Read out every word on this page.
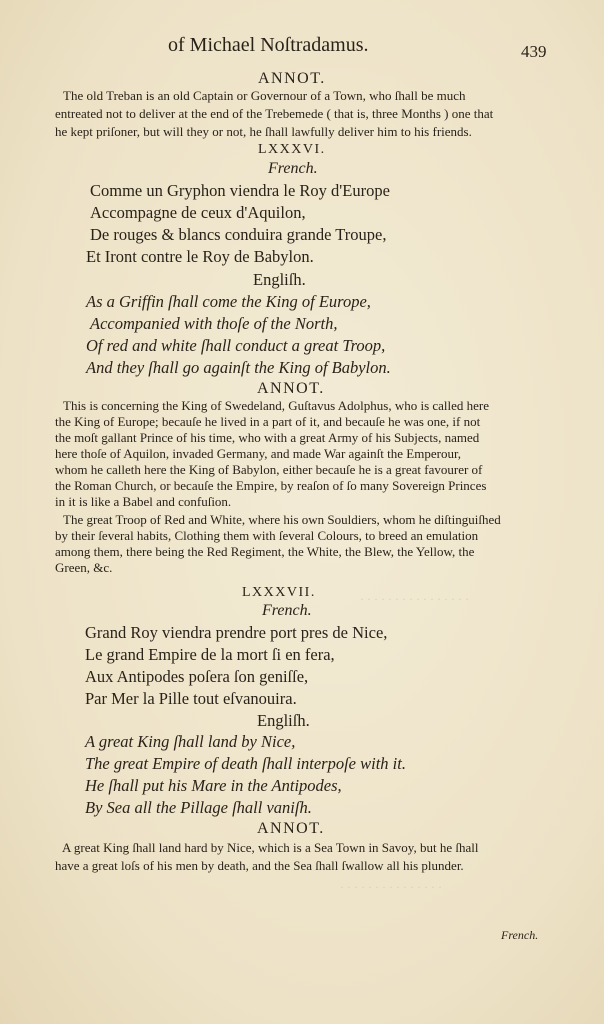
· · · · · · · · · · · · · · · ·
· · · · · · · · · · · · · · ·
of Michael Noſtradamus.	439
ANNOT.
The old Treban is an old Captain or Governour of a Town, who ſhall be much
entreated not to deliver at the end of the Trebemede ( that is, three Months ) one that
he kept priſoner, but will they or not, he ſhall lawfully deliver him to his friends.
LXXXVI.
French.
Comme un Gryphon viendra le Roy d'Europe
Accompagne de ceux d'Aquilon,
De rouges & blancs conduira grande Troupe,
Et Iront contre le Roy de Babylon.
Engliſh.
As a Griffin ſhall come the King of Europe,
Accompanied with thoſe of the North,
Of red and white ſhall conduct a great Troop,
And they ſhall go againſt the King of Babylon.
ANNOT.
This is concerning the King of Swedeland, Guſtavus Adolphus, who is called here
the King of Europe; becauſe he lived in a part of it, and becauſe he was one, if not
the moſt gallant Prince of his time, who with a great Army of his Subjects, named
here thoſe of Aquilon, invaded Germany, and made War againſt the Emperour,
whom he calleth here the King of Babylon, either becauſe he is a great favourer of
the Roman Church, or becauſe the Empire, by reaſon of ſo many Sovereign Princes
in it is like a Babel and confuſion.
The great Troop of Red and White, where his own Souldiers, whom he diſtinguiſhed
by their ſeveral habits, Clothing them with ſeveral Colours, to breed an emulation
among them, there being the Red Regiment, the White, the Blew, the Yellow, the
Green, &c.
LXXXVII.
French.
Grand Roy viendra prendre port pres de Nice,
Le grand Empire de la mort ſi en fera,
Aux Antipodes poſera ſon geniſſe,
Par Mer la Pille tout eſvanouira.
Engliſh.
A great King ſhall land by Nice,
The great Empire of death ſhall interpoſe with it.
He ſhall put his Mare in the Antipodes,
By Sea all the Pillage ſhall vaniſh.
ANNOT.
A great King ſhall land hard by Nice, which is a Sea Town in Savoy, but he ſhall
have a great loſs of his men by death, and the Sea ſhall ſwallow all his plunder.
French.
